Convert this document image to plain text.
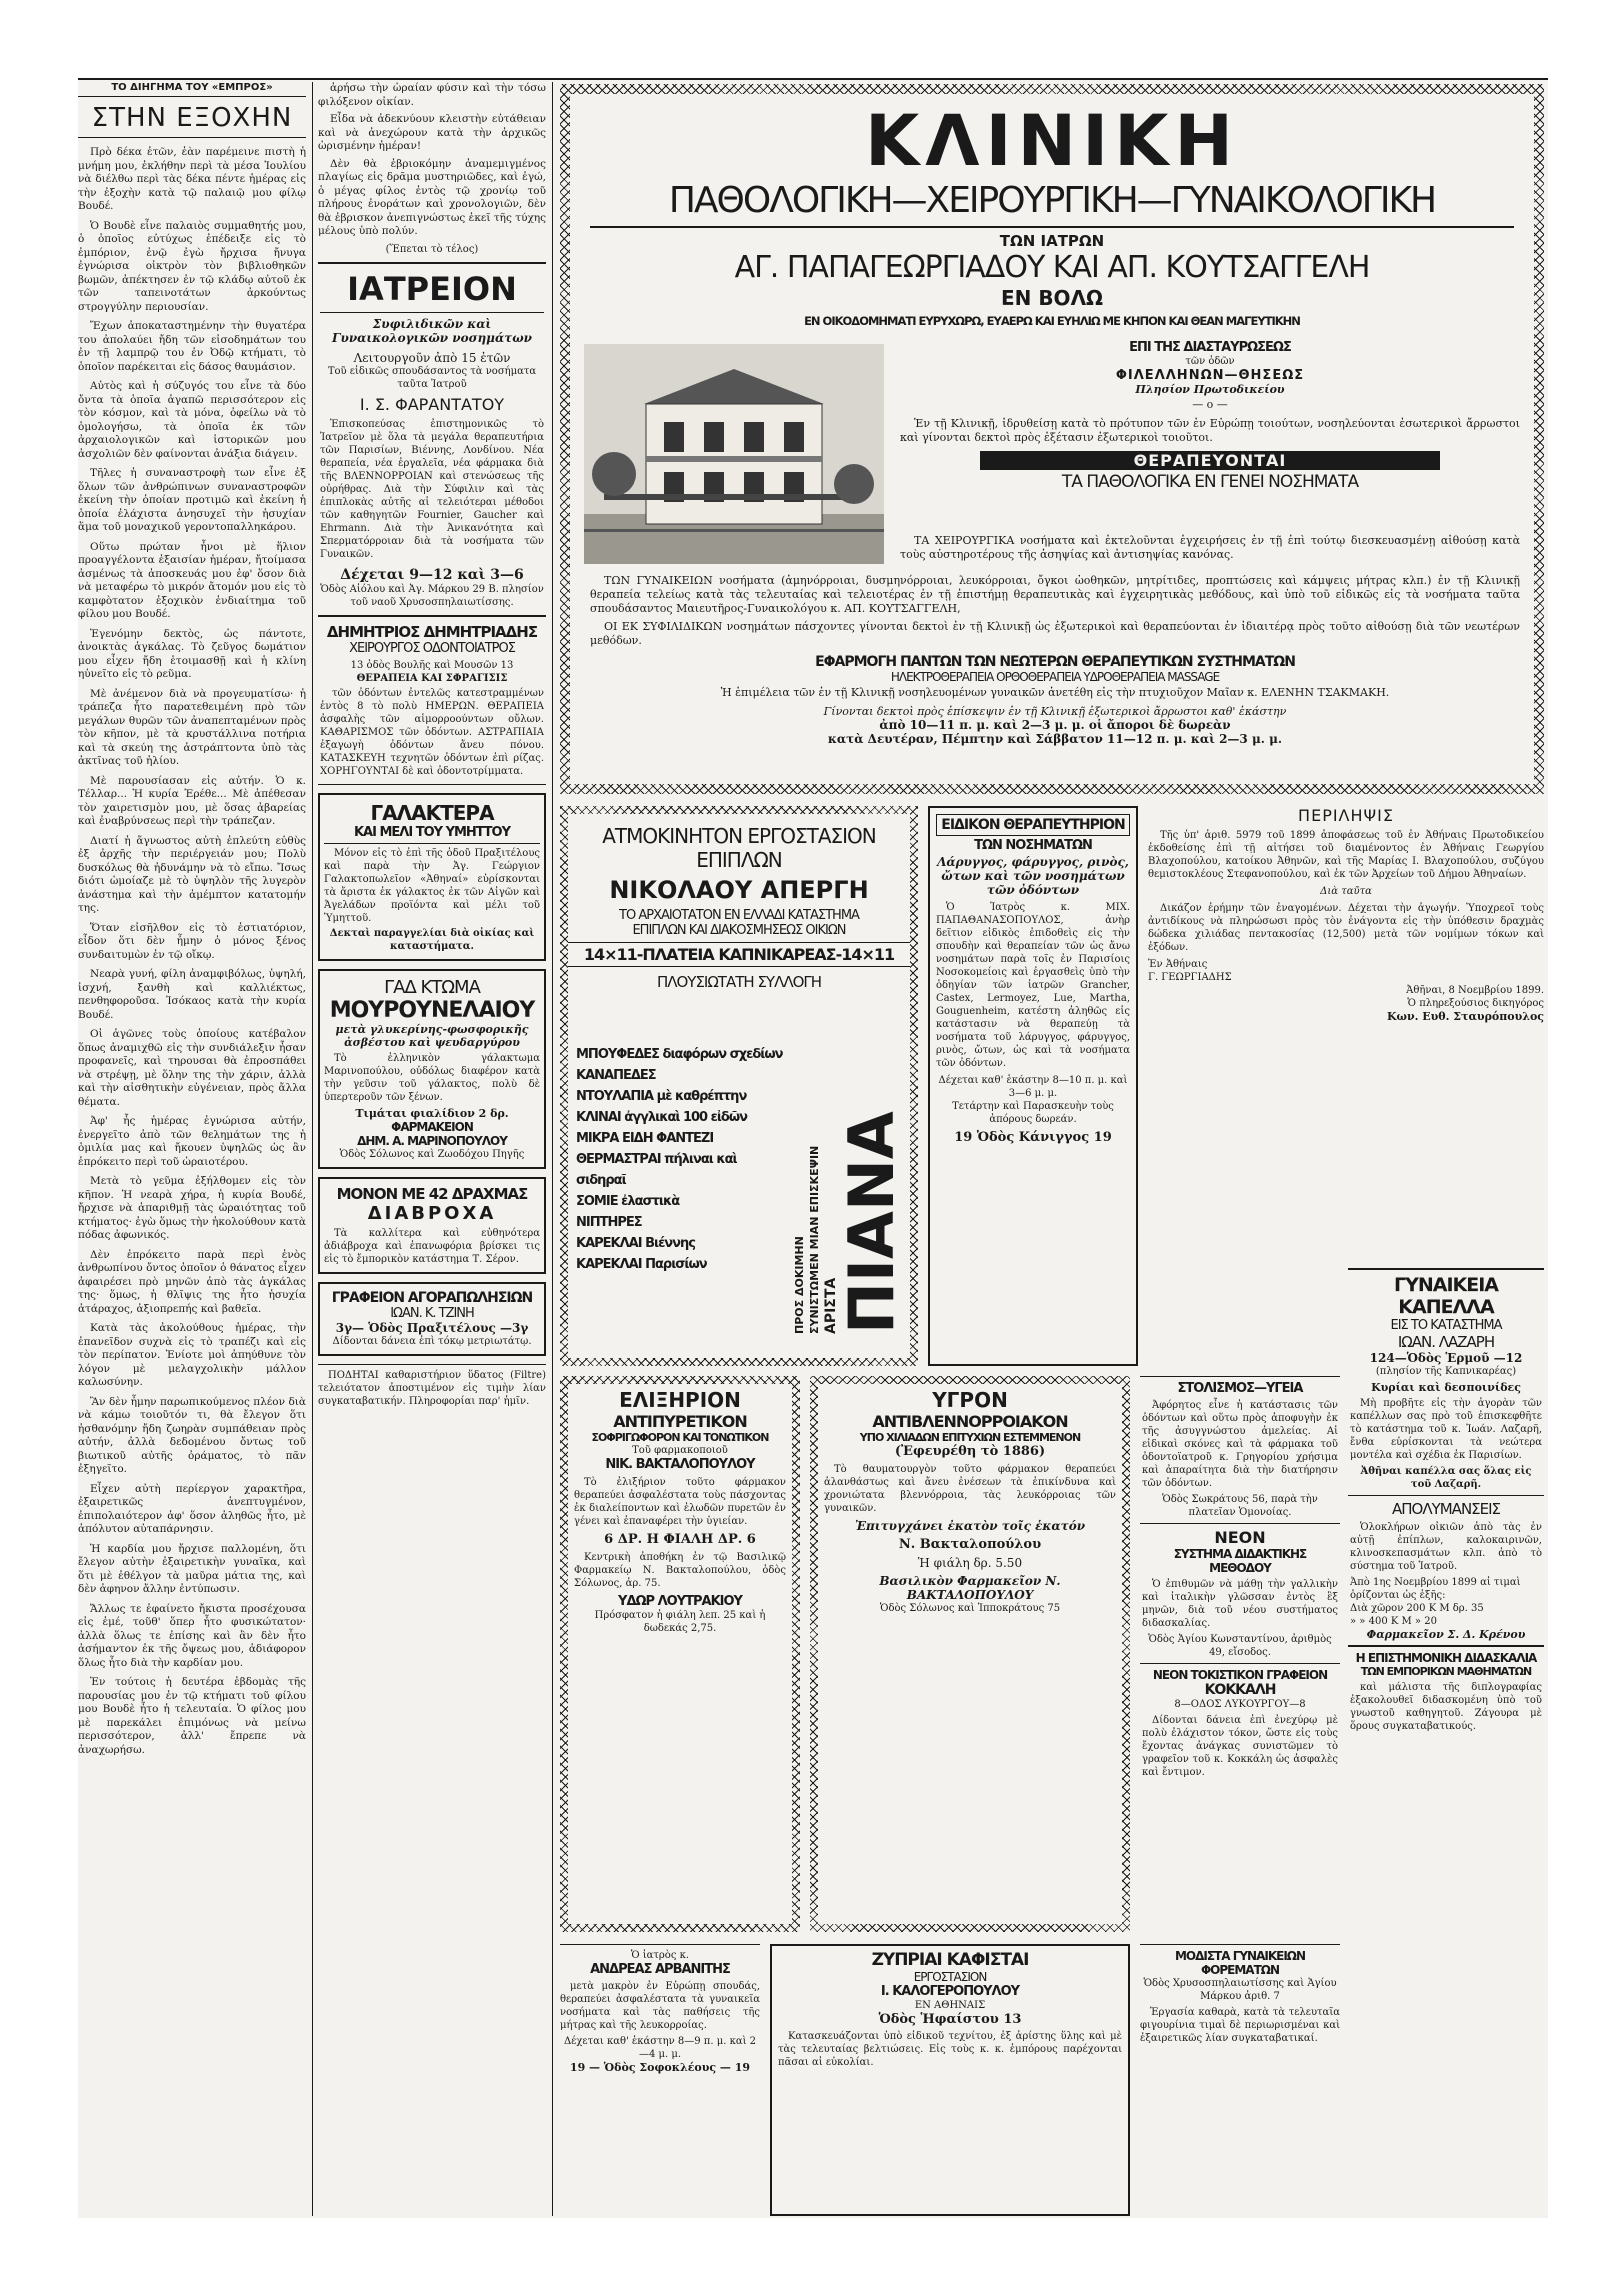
ΤΟ ΔΙΗΓΗΜΑ ΤΟΥ «ΕΜΠΡΟΣ»
ΣΤΗΝ ΕΞΟΧΗΝ

Πρὸ δέκα ἐτῶν, ἐὰν παρέμεινε πιστὴ ἡ μνήμη μου, ἐκλήθην περὶ τὰ μέσα Ἰουλίου νὰ διέλθω περὶ τὰς δέκα πέντε ἡμέρας εἰς τὴν ἐξοχὴν κατὰ τῷ παλαιῷ μου φίλῳ Βουδέ.

Ὁ Βουδὲ εἶνε παλαιὸς συμμαθητής μου, ὁ ὁποῖος εὐτύχως ἐπέδειξε εἰς τὸ ἐμπόριον, ἐνῷ ἐγὼ ἤρχισα ἤνυγα ἐγνώρισα οἰκτρὸν τὸν βιβλιοθηκῶν βωμῶν, ἀπέκτησεν ἐν τῷ κλάδῳ αὐτοῦ ἐκ τῶν ταπεινοτάτων ἀρκούντως στρογγύλην περιουσίαν.

Ἔχων ἀποκαταστημένην τὴν θυγατέρα του ἀπολαύει ἤδη τῶν εἰσοδημάτων του ἐν τῇ λαμπρῷ του ἐν Ὀδῷ κτήματι, τὸ ὁποῖον παρέκειται εἰς δάσος θαυμάσιον.

Αὐτὸς καὶ ἡ σύζυγός του εἶνε τὰ δύο ὄντα τὰ ὁποῖα ἀγαπῶ περισσότερον εἰς τὸν κόσμον, καὶ τὰ μόνα, ὀφείλω νὰ τὸ ὁμολογήσω, τὰ ὁποῖα ἐκ τῶν ἀρχαιολογικῶν καὶ ἱστορικῶν μου ἀσχολιῶν δὲν φαίνονται ἀνάξια διάγειν.

Τῆλες ἡ συναναστροφὴ των εἶνε ἐξ ὅλων τῶν ἀνθρώπινων συναναστροφῶν ἐκείνη τὴν ὁποίαν προτιμῶ καὶ ἐκείνη ἡ ὁποία ἐλάχιστα ἀνησυχεῖ τὴν ἡσυχίαν ἅμα τοῦ μοναχικοῦ γεροντοπαλληκάρου.

Οὕτω πρώταν ἦνοι μὲ ἥλιον προαγγέλοντα ἐξαισίαν ἡμέραν, ἤτοίμασα ἀσμένως τὰ ἀποσκευάς μου ἐφ' ὅσον διὰ νὰ μεταφέρω τὸ μικρόν ἄτομόν μου εἰς τὸ καμφὸτατον ἐξοχικὸν ἐνδιαίτημα τοῦ φίλου μου Βουδέ.

Ἐγενόμην δεκτὸς, ὡς πάντοτε, ἀνοικτὰς ἀγκάλας. Τὸ ζεῦγος δωμάτιον μου εἶχεν ἤδη ἑτοιμασθῇ καὶ ἡ κλίνη ηὐνεῖτο εἰς τὸ ρεῦμα.

Μὲ ἀνέμενον διὰ νὰ προγευματίσω· ἡ τράπεζα ἦτο παρατεθειμένη πρὸ τῶν μεγάλων θυρῶν τῶν ἀναπεπταμένων πρὸς τὸν κῆπον, μὲ τὰ κρυστάλλινα ποτήρια καὶ τὰ σκεύη της ἀστράπτοντα ὑπὸ τὰς ἀκτῖνας τοῦ ἡλίου.

Μὲ παρουσίασαν εἰς αὐτήν. Ὁ κ. Τέλλαρ... Ἡ κυρία Ἐρέθε... Μὲ ἀπέθεσαν τὸν χαιρετισμὸν μου, μὲ ὅσας ἀβαρείας καὶ ἐναβρύνσεως περὶ τὴν τράπεζαν.

Διατί ἡ ἄγνωστος αὐτὴ ἐπλεύτη εὐθὺς ἐξ ἀρχῆς τὴν περιέργειάν μου; Πολὺ δυσκόλως θὰ ἠδυνάμην νὰ τὸ εἴπω. Ἴσως διότι ὡμοίαζε μὲ τὸ ὑψηλὸν τῆς λυγερὸν ἀνάστημα καὶ τὴν ἀμέμπτον κατατομήν της.

Ὅταν εἰσῆλθον εἰς τὸ ἑστιατόριον, εἶδον ὅτι δὲν ἦμην ὁ μόνος ξένος συνδαιτυμὼν ἐν τῷ οἴκῳ.

Νεαρὰ γυνή, φίλη ἀναμφιβόλως, ὑψηλή, ἰσχνή, ξανθὴ καὶ καλλιέκτως, πενθηφοροῦσα. Ἰσόκαος κατὰ τὴν κυρία Βουδέ.

Οἱ ἀγῶνες τοὺς ὁποίους κατέβαλον ὅπως ἀναμιχθῶ εἰς τὴν συνδιάλεξιν ἦσαν προφανεῖς, καὶ τηρουσαι θὰ ἐπροσπάθει νὰ στρέψῃ, μὲ ὅλην της τὴν χάριν, ἀλλὰ καὶ τὴν αἰσθητικὴν εὐγένειαν, πρὸς ἄλλα θέματα.

Ἀφ' ἧς ἡμέρας ἐγνώρισα αὐτήν, ἐνεργεῖτο ἀπὸ τῶν θελημάτων της ἡ ὁμιλία μας καὶ ἤκουεν ὑψηλῶς ὡς ἂν ἐπρόκειτο περὶ τοῦ ὡραιοτέρου.

Μετὰ τὸ γεῦμα ἐξήλθομεν εἰς τὸν κῆπον. Ἡ νεαρὰ χήρα, ἡ κυρία Βουδέ, ἤρχισε νὰ ἀπαριθμῇ τὰς ὡραιότητας τοῦ κτήματος· ἐγὼ ὅμως τὴν ἠκολούθουν κατὰ πόδας ἀφωνικός.

Δὲν ἐπρόκειτο παρὰ περὶ ἐνὸς ἀνθρωπίνου ὄντος ὁποῖον ὁ θάνατος εἶχεν ἀφαιρέσει πρὸ μηνῶν ἀπὸ τὰς ἀγκάλας της· ὅμως, ἡ θλῖψις της ἦτο ἡσυχία ἀτάραχος, ἀξιοπρεπής καὶ βαθεῖα.

Κατὰ τὰς ἀκολούθους ἡμέρας, τὴν ἐπανεῖδον συχνὰ εἰς τὸ τραπέζι καὶ εἰς τὸν περίπατον. Ἐνίοτε μοὶ ἀπηύθυνε τὸν λόγον μὲ μελαγχολικὴν μάλλον καλωσύνην.

Ἂν δὲν ἦμην παρωπικούμενος πλέον διὰ νὰ κάμω τοιοῦτόν τι, θὰ ἔλεγον ὅτι ἠσθανόμην ἤδη ζωηρὰν συμπάθειαν πρὸς αὐτήν, ἀλλὰ δεδομένου ὄντως τοῦ βιωτικοῦ αὐτῆς ὀράματος, τὸ πᾶν ἐξηγεῖτο.

Εἶχεν αὐτὴ περίεργον χαρακτῆρα, ἐξαιρετικῶς ἀνεπτυγμένον, ἐπιπολαιότερον ἀφ' ὅσον ἀληθῶς ἦτο, μὲ ἀπόλυτον αὐταπάρνησιν.

Ἡ καρδία μου ἤρχισε παλλομένη, ὅτι ἔλεγον αὐτὴν ἐξαιρετικὴν γυναῖκα, καὶ ὅτι μὲ ἐθέλγον τὰ μαῦρα μάτια της, καὶ δὲν ἀφηνον ἄλλην ἐντύπωσιν.

Ἄλλως τε ἐφαίνετο ἤκιστα προσέχουσα εἰς ἐμέ, τοῦθ' ὅπερ ἦτο φυσικώτατον· ἀλλὰ ὅλως τε ἐπίσης καὶ ἂν δὲν ἦτο ἀσήμαντον ἐκ τῆς ὄψεως μου, ἀδιάφορον ὅλως ἦτο διὰ τὴν καρδίαν μου.

Ἐν τούτοις ἡ δευτέρα ἑβδομὰς τῆς παρουσίας μου ἐν τῷ κτήματι τοῦ φίλου μου Βουδὲ ἦτο ἡ τελευταία. Ὁ φίλος μου μὲ παρεκάλει ἐπιμόνως νὰ μείνω περισσότερον, ἀλλ' ἔπρεπε νὰ ἀναχωρήσω.

ἀρήσω τὴν ὡραίαν φύσιν καὶ τὴν τόσω φιλόξενον οἰκίαν.

Εἶδα νὰ ἀδεκνύουν κλειστὴν εὐτάθειαν καὶ νὰ ἀνεχώρουν κατὰ τὴν ἀρχικῶς ὡρισμένην ἡμέραν!

Δὲν θὰ ἐβριοκόμην ἀναμεμιγμένος πλαγίως εἰς δρᾶμα μυστηριῶδες, καὶ ἐγώ, ὁ μέγας φίλος ἐντὸς τῷ χρονίῳ τοῦ πλήρους ἐνοράτων καὶ χρονολογιῶν, δὲν θὰ ἐβρισκον ἀνεπιγνώστως ἐκεῖ τῆς τύχης μέλους ὑπὸ πολύν.

(Ἕπεται τὸ τέλος)
ΙΑΤΡΕΙΟΝ
Συφιλιδικῶν καὶ Γυναικολογικῶν νοσημάτων
Λειτουργοῦν ἀπὸ 15 ἐτῶν
Τοῦ εἰδικῶς σπουδάσαντος τὰ νοσήματα ταῦτα Ἰατροῦ
Ι. Σ. ΦΑΡΑΝΤΑΤΟΥ

Ἐπισκοπεύσας ἐπιστημονικῶς τὸ Ἰατρεῖον μὲ ὅλα τὰ μεγάλα θεραπευτήρια τῶν Παρισίων, Βιέννης, Λονδίνου. Νέα θεραπεία, νέα ἐργαλεῖα, νέα φάρμακα διὰ τῆς ΒΛΕΝΝΟΡΡΟΙΑΝ καὶ στενώσεως τῆς οὐρήθρας. Διὰ τὴν Σύφιλιν καὶ τὰς ἐπιπλοκὰς αὐτῆς αἱ τελειότεραι μέθοδοι τῶν καθηγητῶν Fournier, Gaucher καὶ Ehrmann. Διὰ τὴν Ἀνικανότητα καὶ Σπερματόρροιαν διὰ τὰ νοσήματα τῶν Γυναικῶν.

Δέχεται 9—12 καὶ 3—6
Ὁδὸς Αἰόλου καὶ Ἀγ. Μάρκου 29 Β. πλησίον τοῦ ναοῦ Χρυσοσπηλαιωτίσσης.
ΔΗΜΗΤΡΙΟΣ ΔΗΜΗΤΡΙΑΔΗΣ
ΧΕΙΡΟΥΡΓΟΣ ΟΔΟΝΤΟΙΑΤΡΟΣ
13 ὁδὸς Βουλῆς καὶ Μουσῶν 13
ΘΕΡΑΠΕΙΑ ΚΑΙ ΣΦΡΑΓΙΣΙΣ

τῶν ὀδόντων ἐντελῶς κατεστραμμένων ἐντὸς 8 τὸ πολὺ ΗΜΕΡΩΝ. ΘΕΡΑΠΕΙΑ ἀσφαλὴς τῶν αἱμορροούντων οὔλων. ΚΑΘΑΡΙΣΜΟΣ τῶν ὀδόντων. ΑΣΤΡΑΠΙΑΙΑ ἐξαγωγὴ ὀδόντων ἄνευ πόνου. ΚΑΤΑΣΚΕΥΗ τεχνητῶν ὀδόντων ἐπὶ ρίζας. ΧΟΡΗΓΟΥΝΤΑΙ δὲ καὶ ὀδοντοτρίμματα.

ΓΑΛΑΚΤΕΡΑ
ΚΑΙ ΜΕΛΙ ΤΟΥ ΥΜΗΤΤΟΥ

Μόνον εἰς τὸ ἐπὶ τῆς ὁδοῦ Πραξιτέλους καὶ παρὰ τὴν Ἀγ. Γεώργιον Γαλακτοπωλεῖον «Ἀθηναί» εὑρίσκονται τὰ ἄριστα ἐκ γάλακτος ἐκ τῶν Αἰγῶν καὶ Ἀγελάδων προϊόντα καὶ μέλι τοῦ Ὑμηττοῦ.

Δεκταὶ παραγγελίαι διὰ οἰκίας καὶ καταστήματα.
ΓΑΔ ΚΤΩΜΑ
ΜΟΥΡΟΥΝΕΛΑΙΟΥ
μετὰ γλυκερίνης-φωσφορικῆς ἀσβέστου καὶ ψευδαργύρου

Τὸ ἐλληνικὸν γάλακτωμα Μαρινοπούλου, οὐδόλως διαφέρον κατὰ τὴν γεῦσιν τοῦ γάλακτος, πολὺ δὲ ὑπερτεροῦν τῶν ξένων.

Τιμάται φιαλίδιον 2 δρ.
ΦΑΡΜΑΚΕΙΟΝ
ΔΗΜ. Α. ΜΑΡΙΝΟΠΟΥΛΟΥ
Ὁδὸς Σόλωνος καὶ Ζωοδόχου Πηγῆς
ΜΟΝΟΝ ΜΕ 42 ΔΡΑΧΜΑΣ
ΔΙΑΒΡΟΧΑ

Τὰ καλλίτερα καὶ εὐθηνότερα ἀδιάβροχα καὶ ἐπανωφόρια βρίσκει τις εἰς τὸ ἔμπορικὸν κατάστημα Τ. Σέρον.

ΓΡΑΦΕΙΟΝ ΑΓΟΡΑΠΩΛΗΣΙΩΝ
ΙΩΑΝ. Κ. ΤΖΙΝΗ
3γ— Ὁδὸς Πραξιτέλους —3γ
Δίδονται δάνεια ἐπὶ τόκῳ μετριωτάτῳ.

ΠΟΔΗΤΑΙ καθαριστήριον ὕδατος (Filtre) τελειότατον ἀποστιμένον εἰς τιμὴν λίαν συγκαταβατικήν. Πληροφορίαι παρ' ἡμῖν.

ΚΛΙΝΙΚΗ
ΠΑΘΟΛΟΓΙΚΗ—ΧΕΙΡΟΥΡΓΙΚΗ—ΓΥΝΑΙΚΟΛΟΓΙΚΗ
ΤΩΝ ΙΑΤΡΩΝ
ΑΓ. ΠΑΠΑΓΕΩΡΓΙΑΔΟΥ ΚΑΙ ΑΠ. ΚΟΥΤΣΑΓΓΕΛΗ
ΕΝ ΒΟΛΩ
ΕΝ ΟΙΚΟΔΟΜΗΜΑΤΙ ΕΥΡΥΧΩΡΩ, ΕΥΑΕΡΩ ΚΑΙ ΕΥΗΛΙΩ ΜΕ ΚΗΠΟΝ ΚΑΙ ΘΕΑΝ ΜΑΓΕΥΤΙΚΗΝ
ΕΠΙ ΤΗΣ ΔΙΑΣΤΑΥΡΩΣΕΩΣ
τῶν ὁδῶν
ΦΙΛΕΛΛΗΝΩΝ—ΘΗΣΕΩΣ
Πλησίον Πρωτοδικείου
— o —

Ἐν τῇ Κλινικῇ, ἱδρυθείσῃ κατὰ τὸ πρότυπον τῶν ἐν Εὐρώπῃ τοιούτων, νοσηλεύονται ἐσωτερικοὶ ἄρρωστοι καὶ γίνονται δεκτοὶ πρὸς ἐξέτασιν ἐξωτερικοὶ τοιοῦτοι.

ΘΕΡΑΠΕΥΟΝΤΑΙ
ΤΑ ΠΑΘΟΛΟΓΙΚΑ ΕΝ ΓΕΝΕΙ ΝΟΣΗΜΑΤΑ

ΤΑ ΧΕΙΡΟΥΡΓΙΚΑ νοσήματα καὶ ἐκτελοῦνται ἐγχειρήσεις ἐν τῇ ἐπὶ τούτῳ διεσκευασμένῃ αἰθούσῃ κατὰ τοὺς αὐστηροτέρους τῆς ἀσηψίας καὶ ἀντισηψίας κανόνας.

ΤΩΝ ΓΥΝΑΙΚΕΙΩΝ νοσήματα (ἀμηνόρροιαι, δυσμηνόρροιαι, λευκόρροιαι, ὄγκοι ὠοθηκῶν, μητρίτιδες, προπτώσεις καὶ κάμψεις μήτρας κλπ.) ἐν τῇ Κλινικῇ θεραπεία τελείως κατὰ τὰς τελευταίας καὶ τελειοτέρας ἐν τῇ ἐπιστήμῃ θεραπευτικὰς καὶ ἐγχειρητικὰς μεθόδους, καὶ ὑπὸ τοῦ εἰδικῶς εἰς τὰ νοσήματα ταῦτα σπουδάσαντος Μαιευτῆρος-Γυναικολόγου κ. ΑΠ. ΚΟΥΤΣΑΓΓΕΛΗ,

ΟΙ ΕΚ ΣΥΦΙΛΙΔΙΚΩΝ νοσημάτων πάσχοντες γίνονται δεκτοὶ ἐν τῇ Κλινικῇ ὡς ἐξωτερικοὶ καὶ θεραπεύονται ἐν ἰδιαιτέρᾳ πρὸς τοῦτο αἰθούσῃ διὰ τῶν νεωτέρων μεθόδων.

ΕΦΑΡΜΟΓΗ ΠΑΝΤΩΝ ΤΩΝ ΝΕΩΤΕΡΩΝ ΘΕΡΑΠΕΥΤΙΚΩΝ ΣΥΣΤΗΜΑΤΩΝ
ΗΛΕΚΤΡΟΘΕΡΑΠΕΙΑ ΟΡΘΟΘΕΡΑΠΕΙΑ ΥΔΡΟΘΕΡΑΠΕΙΑ MASSAGE
Ἡ ἐπιμέλεια τῶν ἐν τῇ Κλινικῇ νοσηλευομένων γυναικῶν ἀνετέθη εἰς τὴν πτυχιοῦχον Μαῖαν κ. ΕΛΕΝΗΝ ΤΣΑΚΜΑΚΗ.
Γίνονται δεκτοὶ πρὸς ἐπίσκεψιν ἐν τῇ Κλινικῇ ἐξωτερικοὶ ἄρρωστοι καθ' ἑκάστην
ἀπὸ 10—11 π. μ. καὶ 2—3 μ. μ. οἱ ἄποροι δὲ δωρεὰν
κατὰ Δευτέραν, Πέμπτην καὶ Σάββατον 11—12 π. μ. καὶ 2—3 μ. μ.
ΑΤΜΟΚΙΝΗΤΟΝ ΕΡΓΟΣΤΑΣΙΟΝ ΕΠΙΠΛΩΝ
ΝΙΚΟΛΑΟΥ ΑΠΕΡΓΗ
ΤΟ ΑΡΧΑΙΟΤΑΤΟΝ ΕΝ ΕΛΛΑΔΙ ΚΑΤΑΣΤΗΜΑ
ΕΠΙΠΛΩΝ ΚΑΙ ΔΙΑΚΟΣΜΗΣΕΩΣ ΟΙΚΙΩΝ
14×11-ΠΛΑΤΕΙΑ ΚΑΠΝΙΚΑΡΕΑΣ-14×11
ΠΛΟΥΣΙΩΤΑΤΗ ΣΥΛΛΟΓΗ
ΜΠΟΥΦΕΔΕΣ διαφόρων σχεδίων
ΚΑΝΑΠΕΔΕΣ
ΝΤΟΥΛΑΠΙΑ μὲ καθρέπτην
ΚΛΙΝΑΙ ἀγγλικαὶ 100 εἰδῶν
ΜΙΚΡΑ ΕΙΔΗ ΦΑΝΤΕΖΙ
ΘΕΡΜΑΣΤΡΑΙ πήλιναι καὶ σιδηραῖ
ΣΟΜΙΕ ἐλαστικὰ
ΝΙΠΤΗΡΕΣ
ΚΑΡΕΚΛΑΙ Βιέννης
ΚΑΡΕΚΛΑΙ Παρισίων	ΠΙΑΝΑ
ΑΡΙΣΤΑ
ΣΥΝΙΣΤΩΜΕΝ ΜΙΑΝ ΕΠΙΣΚΕΨΙΝ
ΠΡΟΣ ΔΟΚΙΜΗΝ
ΕΙΔΙΚΟΝ ΘΕΡΑΠΕΥΤΗΡΙΟΝ
ΤΩΝ ΝΟΣΗΜΑΤΩΝ
Λάρυγγος, φάρυγγος, ρινὸς, ὤτων καὶ τῶν νοσημάτων τῶν ὀδόντων

Ὁ Ἰατρὸς κ. ΜΙΧ. ΠΑΠΑΘΑΝΑΣΟΠΟΥΛΟΣ, ἀνὴρ δεῖτιον εἰδικὸς ἐπιδοθεὶς εἰς τὴν σπουδὴν καὶ θεραπείαν τῶν ὡς ἄνω νοσημάτων παρὰ τοῖς ἐν Παρισίοις Νοσοκομείοις καὶ ἐργασθεὶς ὑπὸ τὴν ὁδηγίαν τῶν ἰατρῶν Grancher, Castex, Lermoyez, Lue, Martha, Gouguenheim, κατέστη ἀληθῶς εἰς κατάστασιν νὰ θεραπεύῃ τὰ νοσήματα τοῦ λάρυγγος, φάρυγγος, ρινὸς, ὤτων, ὡς καὶ τὰ νοσήματα τῶν ὀδόντων.

Δέχεται καθ' ἑκάστην 8—10 π. μ. καὶ 3—6 μ. μ.
Τετάρτην καὶ Παρασκευὴν τοὺς ἀπόρους δωρεάν.
19 Ὁδὸς Κάνιγγος 19
ΠΕΡΙΛΗΨΙΣ

Τῆς ὑπ' ἀριθ. 5979 τοῦ 1899 ἀποφάσεως τοῦ ἐν Ἀθήναις Πρωτοδικείου ἐκδοθείσης ἐπὶ τῇ αἰτήσει τοῦ διαμένοντος ἐν Ἀθήναις Γεωργίου Βλαχοπούλου, κατοίκου Ἀθηνῶν, καὶ τῆς Μαρίας Ι. Βλαχοπούλου, συζύγου θεμιστοκλέους Στεφανοπούλου, καὶ ἐκ τῶν Ἀρχείων τοῦ Δήμου Ἀθηναίων.

Διὰ ταῦτα

Δικάζον ἐρήμην τῶν ἐναγομένων. Δέχεται τὴν ἀγωγήν. Ὑποχρεοῖ τοὺς ἀντιδίκους νὰ πληρώσωσι πρὸς τὸν ἐνάγοντα εἰς τὴν ὑπόθεσιν δραχμὰς δώδεκα χιλιάδας πεντακοσίας (12,500) μετὰ τῶν νομίμων τόκων καὶ ἐξόδων.

Ἐν Ἀθήναις
Γ. ΓΕΩΡΓΙΑΔΗΣ
Ἀθῆναι, 8 Νοεμβρίου 1899.
Ὁ πληρεξούσιος δικηγόρος
Κων. Ευθ. Σταυρόπουλος
ΕΛΙΞΗΡΙΟΝ
ΑΝΤΙΠΥΡΕΤΙΚΟΝ
ΣΟΦΡΙΓΩΦΟΡΟΝ ΚΑΙ ΤΟΝΩΤΙΚΟΝ
Τοῦ φαρμακοποιοῦ
ΝΙΚ. ΒΑΚΤΑΛΟΠΟΥΛΟΥ

Τὸ ἐλιξήριον τοῦτο φάρμακον θεραπεύει ἀσφαλέστατα τοὺς πάσχοντας ἐκ διαλείποντων καὶ ἑλωδῶν πυρετῶν ἐν γένει καὶ ἐπαναφέρει τὴν ὑγιείαν.

6 ΔΡ. Η ΦΙΑΛΗ ΔΡ. 6

Κεντρικὴ ἀποθήκη ἐν τῷ Βασιλικῷ Φαρμακείῳ Ν. Βακταλοπούλου, ὁδὸς Σόλωνος, ἀρ. 75.

ΥΔΩΡ ΛΟΥΤΡΑΚΙΟΥ
Πρόσφατον ἡ φιάλη λεπ. 25 καὶ ἡ δωδεκάς 2,75.
ΥΓΡΟΝ
ΑΝΤΙΒΛΕΝΝΟΡΡΟΙΑΚΟΝ
ΥΠΟ ΧΙΛΙΑΔΩΝ ΕΠΙΤΥΧΙΩΝ ΕΣΤΕΜΜΕΝΟΝ
(Ἐφευρέθη τὸ 1886)

Τὸ θαυματουργὸν τοῦτο φάρμακον θεραπεύει ἀλανθάστως καὶ ἄνευ ἐνέσεων τὰ ἐπικίνδυνα καὶ χρονιώτατα βλεννόρροια, τὰς λευκόρροιας τῶν γυναικῶν.

Ἐπιτυγχάνει ἐκατὸν τοῖς ἑκατόν
Ν. Βακταλοπούλου
Ἡ φιάλη δρ. 5.50
Βασιλικὸν Φαρμακεῖον Ν. ΒΑΚΤΑΛΟΠΟΥΛΟΥ
Ὁδὸς Σόλωνος καὶ Ἱπποκράτους 75
ΣΤΟΛΙΣΜΟΣ—ΥΓΕΙΑ

Ἀφόρητος εἶνε ἡ κατάστασις τῶν ὀδόντων καὶ οὕτω πρὸς ἀποφυγὴν ἐκ τῆς ἀσυγγνώστου ἀμελείας. Αἱ εἰδικαὶ σκόνες καὶ τὰ φάρμακα τοῦ ὀδοντοϊατροῦ κ. Γρηγορίου χρήσιμα καὶ ἀπαραίτητα διὰ τὴν διατήρησιν τῶν ὀδόντων.

Ὁδὸς Σωκράτους 56, παρὰ τὴν πλατεῖαν Ὁμονοίας.
ΝΕΟΝ
ΣΥΣΤΗΜΑ ΔΙΔΑΚΤΙΚΗΣ ΜΕΘΟΔΟΥ

Ὁ ἐπιθυμῶν νὰ μάθῃ τὴν γαλλικὴν καὶ ἰταλικὴν γλῶσσαν ἐντὸς ἓξ μηνῶν, διὰ τοῦ νέου συστήματος διδασκαλίας.

Ὁδὸς Ἀγίου Κωνσταντίνου, ἀριθμὸς 49, εἴσοδος.
ΝΕΟΝ ΤΟΚΙΣΤΙΚΟΝ ΓΡΑΦΕΙΟΝ
ΚΟΚΚΑΛΗ
8—ΟΔΟΣ ΛΥΚΟΥΡΓΟΥ—8

Δίδονται δάνεια ἐπὶ ἐνεχύρῳ μὲ πολὺ ἐλάχιστον τόκον, ὥστε εἰς τοὺς ἔχοντας ἀνάγκας συνιστῶμεν τὸ γραφεῖον τοῦ κ. Κοκκάλη ὡς ἀσφαλὲς καὶ ἔντιμον.

ΓΥΝΑΙΚΕΙΑ ΚΑΠΕΛΛΑ
ΕΙΣ ΤΟ ΚΑΤΑΣΤΗΜΑ
ΙΩΑΝ. ΛΑΖΑΡΗ
124—Ὁδὸς Ἑρμοῦ —12
(πλησίον τῆς Καπνικαρέας)
Κυρίαι καὶ δεσποινίδες

Μὴ προβῆτε εἰς τὴν ἀγορὰν τῶν καπέλλων σας πρὸ τοῦ ἐπισκεφθῆτε τὸ κατάστημα τοῦ κ. Ἰωάν. Λαζαρῆ, ἔνθα εὑρίσκονται τὰ νεώτερα μοντέλα καὶ σχέδια ἐκ Παρισίων.

Ἀθῆναι καπέλλα σας ὅλας εἰς τοῦ Λαζαρῆ.
ΑΠΟΛΥΜΑΝΣΕΙΣ

Ὁλοκλήρων οἰκιῶν ἀπὸ τὰς ἐν αὐτῇ ἐπίπλων, καλοκαιρινῶν, κλινοσκεπασμάτων κλπ. ἀπὸ τὸ σύστημα τοῦ Ἰατροῦ.

Ἀπὸ 1ης Νοεμβρίου 1899 αἱ τιμαὶ ὁρίζονται ὡς ἑξῆς:
Διὰ χῶρον 200 Κ Μ δρ. 35
» » 400 Κ Μ » 20
Φαρμακεῖον Σ. Δ. Κρένου
Η ΕΠΙΣΤΗΜΟΝΙΚΗ ΔΙΔΑΣΚΑΛΙΑ
ΤΩΝ ΕΜΠΟΡΙΚΩΝ ΜΑΘΗΜΑΤΩΝ

καὶ μάλιστα τῆς διπλογραφίας ἐξακολουθεῖ διδασκομένη ὑπὸ τοῦ γνωστοῦ καθηγητοῦ. Ζάγουρα μὲ ὅρους συγκαταβατικούς.

Ὁ ἰατρὸς κ.
ΑΝΔΡΕΑΣ ΑΡΒΑΝΙΤΗΣ

μετὰ μακρὸν ἐν Εὐρώπῃ σπουδάς, θεραπεύει ἀσφαλέστατα τὰ γυναικεῖα νοσήματα καὶ τὰς παθήσεις τῆς μήτρας καὶ τῆς λευκορροίας.

Δέχεται καθ' ἑκάστην 8—9 π. μ. καὶ 2—4 μ. μ.
19 — Ὁδὸς Σοφοκλέους — 19
ΖΥΠΡΙΑΙ ΚΑΦΙΣΤΑΙ
ΕΡΓΟΣΤΑΣΙΟΝ
Ι. ΚΑΛΟΓΕΡΟΠΟΥΛΟΥ
ΕΝ ΑΘΗΝΑΙΣ
Ὁδὸς Ἡφαίστου 13

Κατασκευάζονται ὑπὸ εἰδικοῦ τεχνίτου, ἐξ ἀρίστης ὕλης καὶ μὲ τὰς τελευταίας βελτιώσεις. Εἰς τοὺς κ. κ. ἐμπόρους παρέχονται πᾶσαι αἱ εὐκολίαι.

ΜΟΔΙΣΤΑ ΓΥΝΑΙΚΕΙΩΝ ΦΟΡΕΜΑΤΩΝ
Ὁδὸς Χρυσοσπηλαιωτίσσης καὶ Ἁγίου Μάρκου ἀριθ. 7

Ἐργασία καθαρὰ, κατὰ τὰ τελευταῖα φιγουρίνια τιμαὶ δὲ περιωρισμέναι καὶ ἐξαιρετικῶς λίαν συγκαταβατικαί.
